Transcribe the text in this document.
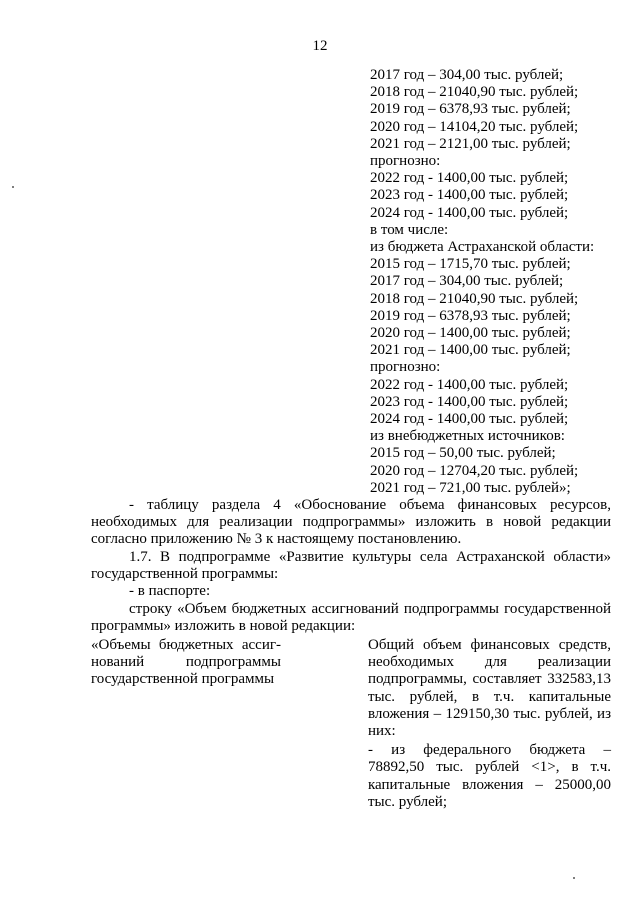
12
2017 год – 304,00 тыс. рублей;
2018 год – 21040,90 тыс. рублей;
2019 год – 6378,93 тыс. рублей;
2020 год – 14104,20 тыс. рублей;
2021 год – 2121,00 тыс. рублей;
прогнозно:
2022 год - 1400,00 тыс. рублей;
2023 год - 1400,00 тыс. рублей;
2024 год - 1400,00 тыс. рублей;
в том числе:
из бюджета Астраханской области:
2015 год – 1715,70 тыс. рублей;
2017 год – 304,00 тыс. рублей;
2018 год – 21040,90 тыс. рублей;
2019 год – 6378,93 тыс. рублей;
2020 год – 1400,00 тыс. рублей;
2021 год – 1400,00 тыс. рублей;
прогнозно:
2022 год - 1400,00 тыс. рублей;
2023 год - 1400,00 тыс. рублей;
2024 год - 1400,00 тыс. рублей;
из внебюджетных источников:
2015 год – 50,00 тыс. рублей;
2020 год – 12704,20 тыс. рублей;
2021 год – 721,00 тыс. рублей»;
- таблицу раздела 4 «Обоснование объема финансовых ресурсов, необходимых для реализации подпрограммы» изложить в новой редакции согласно приложению № 3 к настоящему постановлению.
1.7. В подпрограмме «Развитие культуры села Астраханской области» государственной программы:
- в паспорте:
строку «Объем бюджетных ассигнований подпрограммы государственной программы» изложить в новой редакции:
«Объемы бюджетных ассиг-
нований подпрограммы
государственной программы

Общий объем финансовых средств, необходимых для реализации подпрограммы, составляет 332583,13 тыс. рублей, в т.ч. капитальные вложения – 129150,30 тыс. рублей, из них:

- из федерального бюджета – 78892,50 тыс. рублей <1>, в т.ч. капитальные вложения – 25000,00 тыс. рублей;
